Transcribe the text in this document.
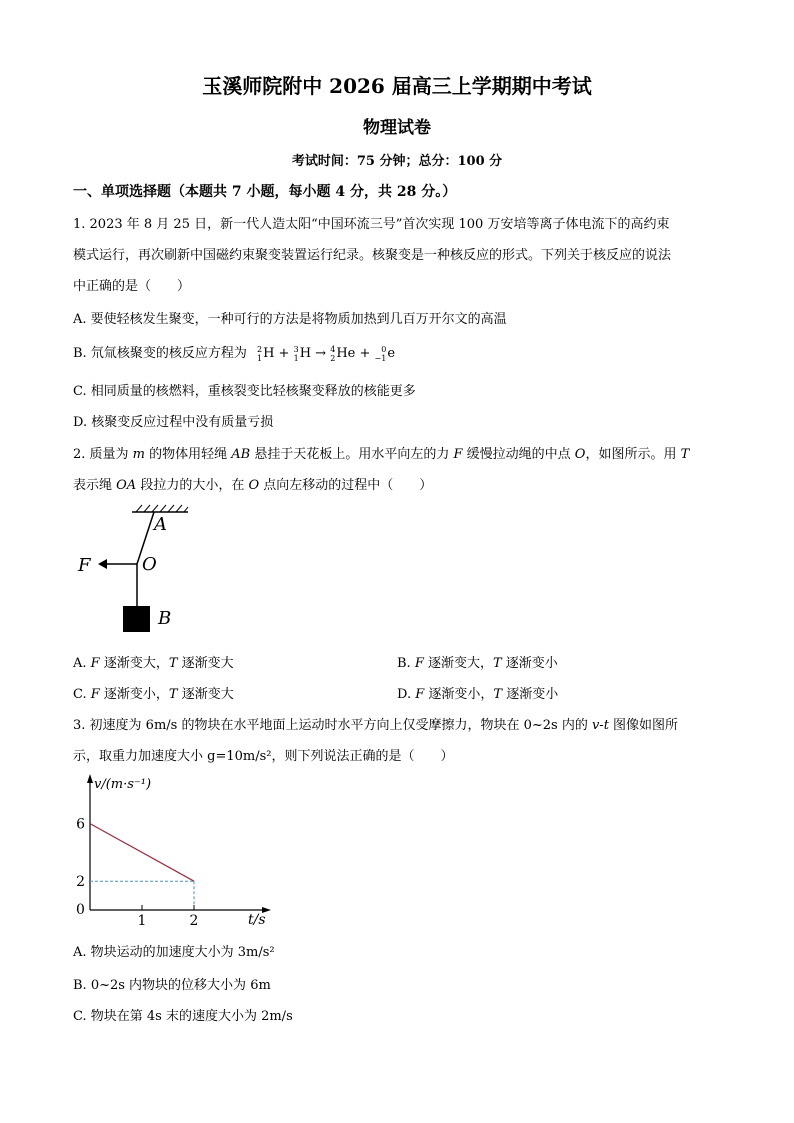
玉溪师院附中 2026 届高三上学期期中考试
物理试卷
考试时间：75 分钟；总分：100 分
一、单项选择题（本题共 7 小题，每小题 4 分，共 28 分。）
1. 2023 年 8 月 25 日，新一代人造太阳“中国环流三号”首次实现 100 万安培等离子体电流下的高约束
模式运行，再次刷新中国磁约束聚变装置运行纪录。核聚变是一种核反应的形式。下列关于核反应的说法
中正确的是（　　）
A. 要使轻核发生聚变，一种可行的方法是将物质加热到几百万开尔文的高温
B. 氘氚核聚变的核反应方程为 2
1 H + 3
1 H → 4
2 He +	0
−1 e
C. 相同质量的核燃料，重核裂变比轻核聚变释放的核能更多
D. 核聚变反应过程中没有质量亏损
2. 质量为 m 的物体用轻绳 AB 悬挂于天花板上。用水平向左的力 F 缓慢拉动绳的中点 O，如图所示。用 T
表示绳 OA 段拉力的大小，在 O 点向左移动的过程中（　　）
A
F	O
B
A. F 逐渐变大，T 逐渐变大	B. F 逐渐变大，T 逐渐变小
C. F 逐渐变小，T 逐渐变大	D. F 逐渐变小，T 逐渐变小
3. 初速度为 6m/s 的物块在水平地面上运动时水平方向上仅受摩擦力，物块在 0~2s 内的 v-t 图像如图所
示，取重力加速度大小 g=10m/s²，则下列说法正确的是（　　）
v/(m·s⁻¹)
t/s
0
1	2
6
2
A. 物块运动的加速度大小为 3m/s²
B. 0~2s 内物块的位移大小为 6m
C. 物块在第 4s 末的速度大小为 2m/s
